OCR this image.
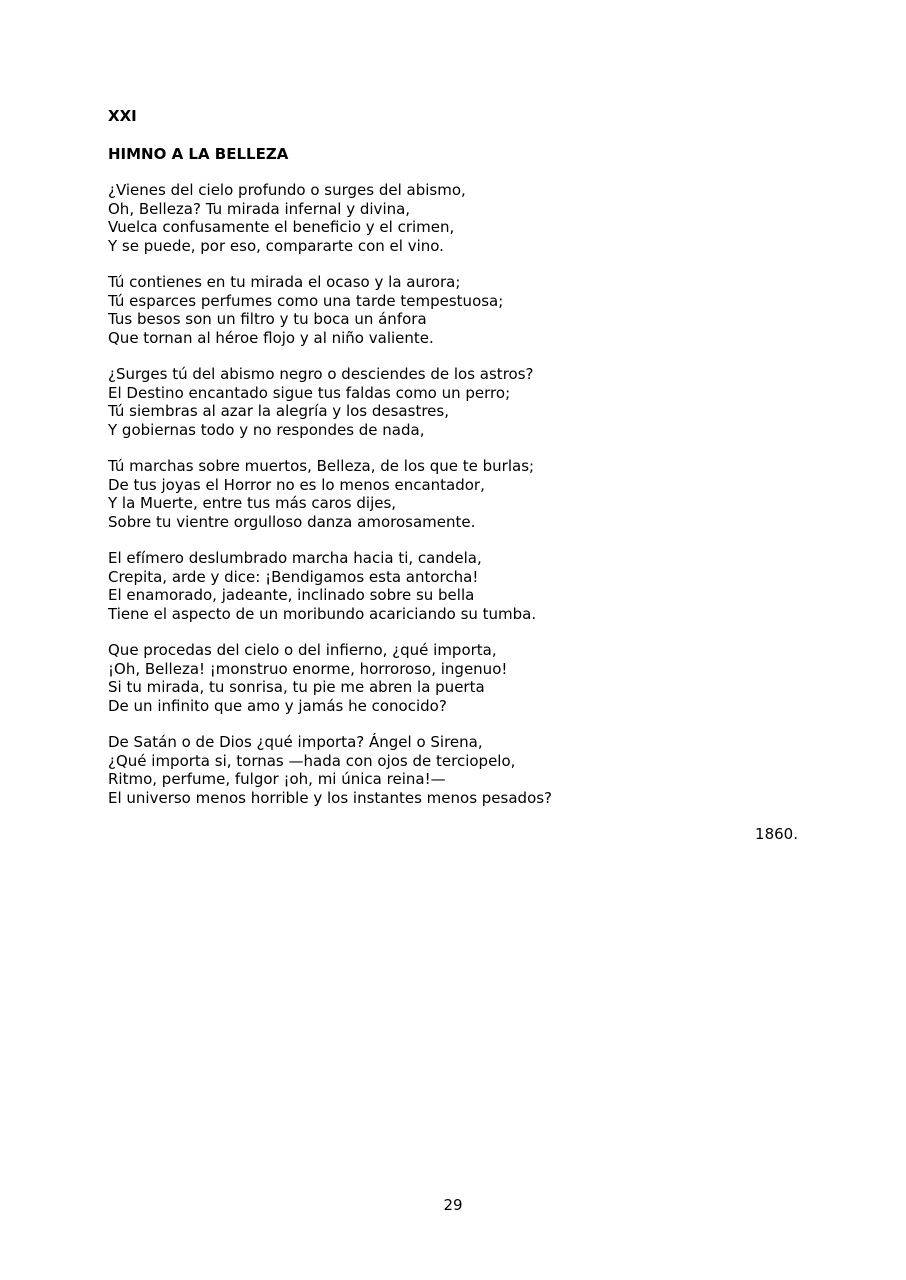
XXI
HIMNO A LA BELLEZA
¿Vienes del cielo profundo o surges del abismo,
Oh, Belleza? Tu mirada infernal y divina,
Vuelca confusamente el beneficio y el crimen,
Y se puede, por eso, compararte con el vino.
Tú contienes en tu mirada el ocaso y la aurora;
Tú esparces perfumes como una tarde tempestuosa;
Tus besos son un filtro y tu boca un ánfora
Que tornan al héroe flojo y al niño valiente.
¿Surges tú del abismo negro o desciendes de los astros?
El Destino encantado sigue tus faldas como un perro;
Tú siembras al azar la alegría y los desastres,
Y gobiernas todo y no respondes de nada,
Tú marchas sobre muertos, Belleza, de los que te burlas;
De tus joyas el Horror no es lo menos encantador,
Y la Muerte, entre tus más caros dijes,
Sobre tu vientre orgulloso danza amorosamente.
El efímero deslumbrado marcha hacia ti, candela,
Crepita, arde y dice: ¡Bendigamos esta antorcha!
El enamorado, jadeante, inclinado sobre su bella
Tiene el aspecto de un moribundo acariciando su tumba.
Que procedas del cielo o del infierno, ¿qué importa,
¡Oh, Belleza! ¡monstruo enorme, horroroso, ingenuo!
Si tu mirada, tu sonrisa, tu pie me abren la puerta
De un infinito que amo y jamás he conocido?
De Satán o de Dios ¿qué importa? Ángel o Sirena,
¿Qué importa si, tornas —hada con ojos de terciopelo,
Ritmo, perfume, fulgor ¡oh, mi única reina!—
El universo menos horrible y los instantes menos pesados?
1860.
29
